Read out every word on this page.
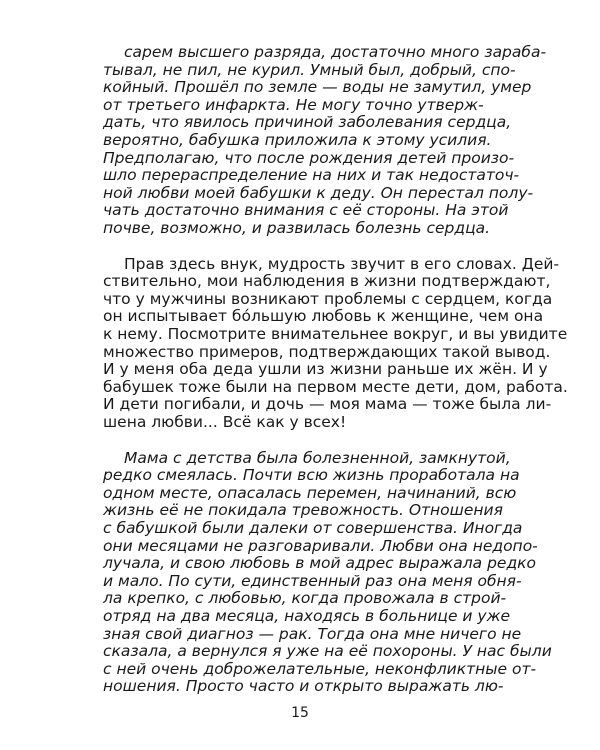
сарем высшего разряда, достаточно много зараба-
тывал, не пил, не курил. Умный был, добрый, спо-
койный. Прошёл по земле — воды не замутил, умер
от третьего инфаркта. Не могу точно утверж-
дать, что явилось причиной заболевания сердца,
вероятно, бабушка приложила к этому усилия.
Предполагаю, что после рождения детей произо-
шло перераспределение на них и так недостаточ-
ной любви моей бабушки к деду. Он перестал полу-
чать достаточно внимания с её стороны. На этой
почве, возможно, и развилась болезнь сердца.
Прав здесь внук, мудрость звучит в его словах. Дей-
ствительно, мои наблюдения в жизни подтверждают,
что у мужчины возникают проблемы с сердцем, когда
он испытывает бо́льшую любовь к женщине, чем она
к нему. Посмотрите внимательнее вокруг, и вы увидите
множество примеров, подтверждающих такой вывод.
И у меня оба деда ушли из жизни раньше их жён. И у
бабушек тоже были на первом месте дети, дом, работа.
И дети погибали, и дочь — моя мама — тоже была ли-
шена любви... Всё как у всех!
Мама с детства была болезненной, замкнутой,
редко смеялась. Почти всю жизнь проработала на
одном месте, опасалась перемен, начинаний, всю
жизнь её не покидала тревожность. Отношения
с бабушкой были далеки от совершенства. Иногда
они месяцами не разговаривали. Любви она недопо-
лучала, и свою любовь в мой адрес выражала редко
и мало. По сути, единственный раз она меня обня-
ла крепко, с любовью, когда провожала в строй-
отряд на два месяца, находясь в больнице и уже
зная свой диагноз — рак. Тогда она мне ничего не
сказала, а вернулся я уже на её похороны. У нас были
с ней очень доброжелательные, неконфликтные от-
ношения. Просто часто и открыто выражать лю-
15
